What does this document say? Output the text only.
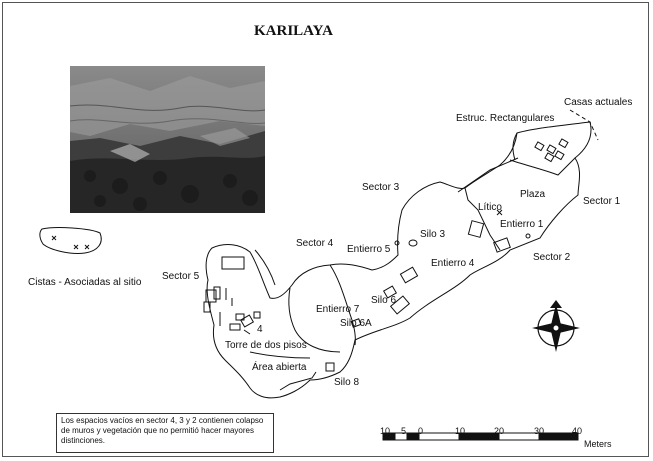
KARILAYA
Casas actuales
Estruc. Rectangulares
Sector 3
Plaza
Sector 1
Lítico
Entierro 1
Sector 4
Silo 3
Entierro 5
Sector 2
Entierro 4
Cistas - Asociadas al sitio
Sector 5
Silo 6
Entierro 7
Silo 6A
4
Torre de dos pisos
Área abierta
Silo 8
Los espacios vacíos en sector 4, 3 y 2 contienen colapso de muros y vegetación que no permitió hacer mayores distinciones.
10 5 0	10	20	30	40
Meters
